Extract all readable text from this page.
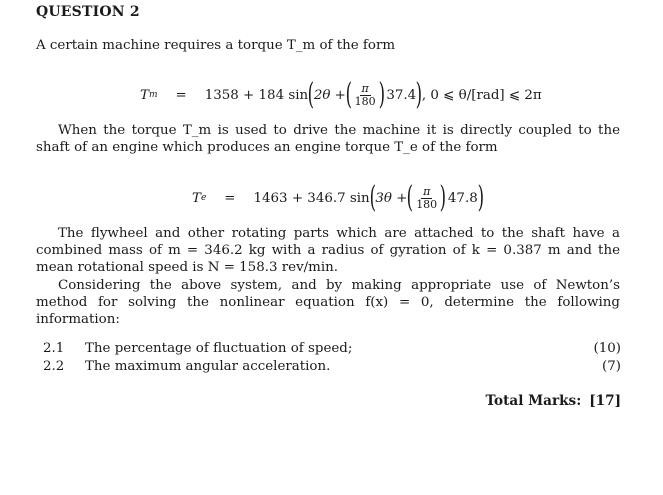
QUESTION 2
A certain machine requires a torque T_m of the form
T m = 1358 + 184 sin ( 2θ + ( $\frac{\pi}{180}$ ) 37.4 ) , 0 ⩽ θ/[rad] ⩽ 2π
When the torque T_m is used to drive the machine it is directly coupled to the shaft of an engine which produces an engine torque T_e of the form
T e = 1463 + 346.7 sin ( 3θ + ( $\frac{\pi}{180}$ ) 47.8 )
The flywheel and other rotating parts which are attached to the shaft have a combined mass of m = 346.2 kg with a radius of gyration of k = 0.387 m and the mean rotational speed is N = 158.3 rev/min.
Considering the above system, and by making appropriate use of Newton’s method for solving the nonlinear equation f(x) = 0, determine the following information:
2.1	The percentage of fluctuation of speed;	(10)
2.2	The maximum angular acceleration.	(7)
Total Marks: [17]
